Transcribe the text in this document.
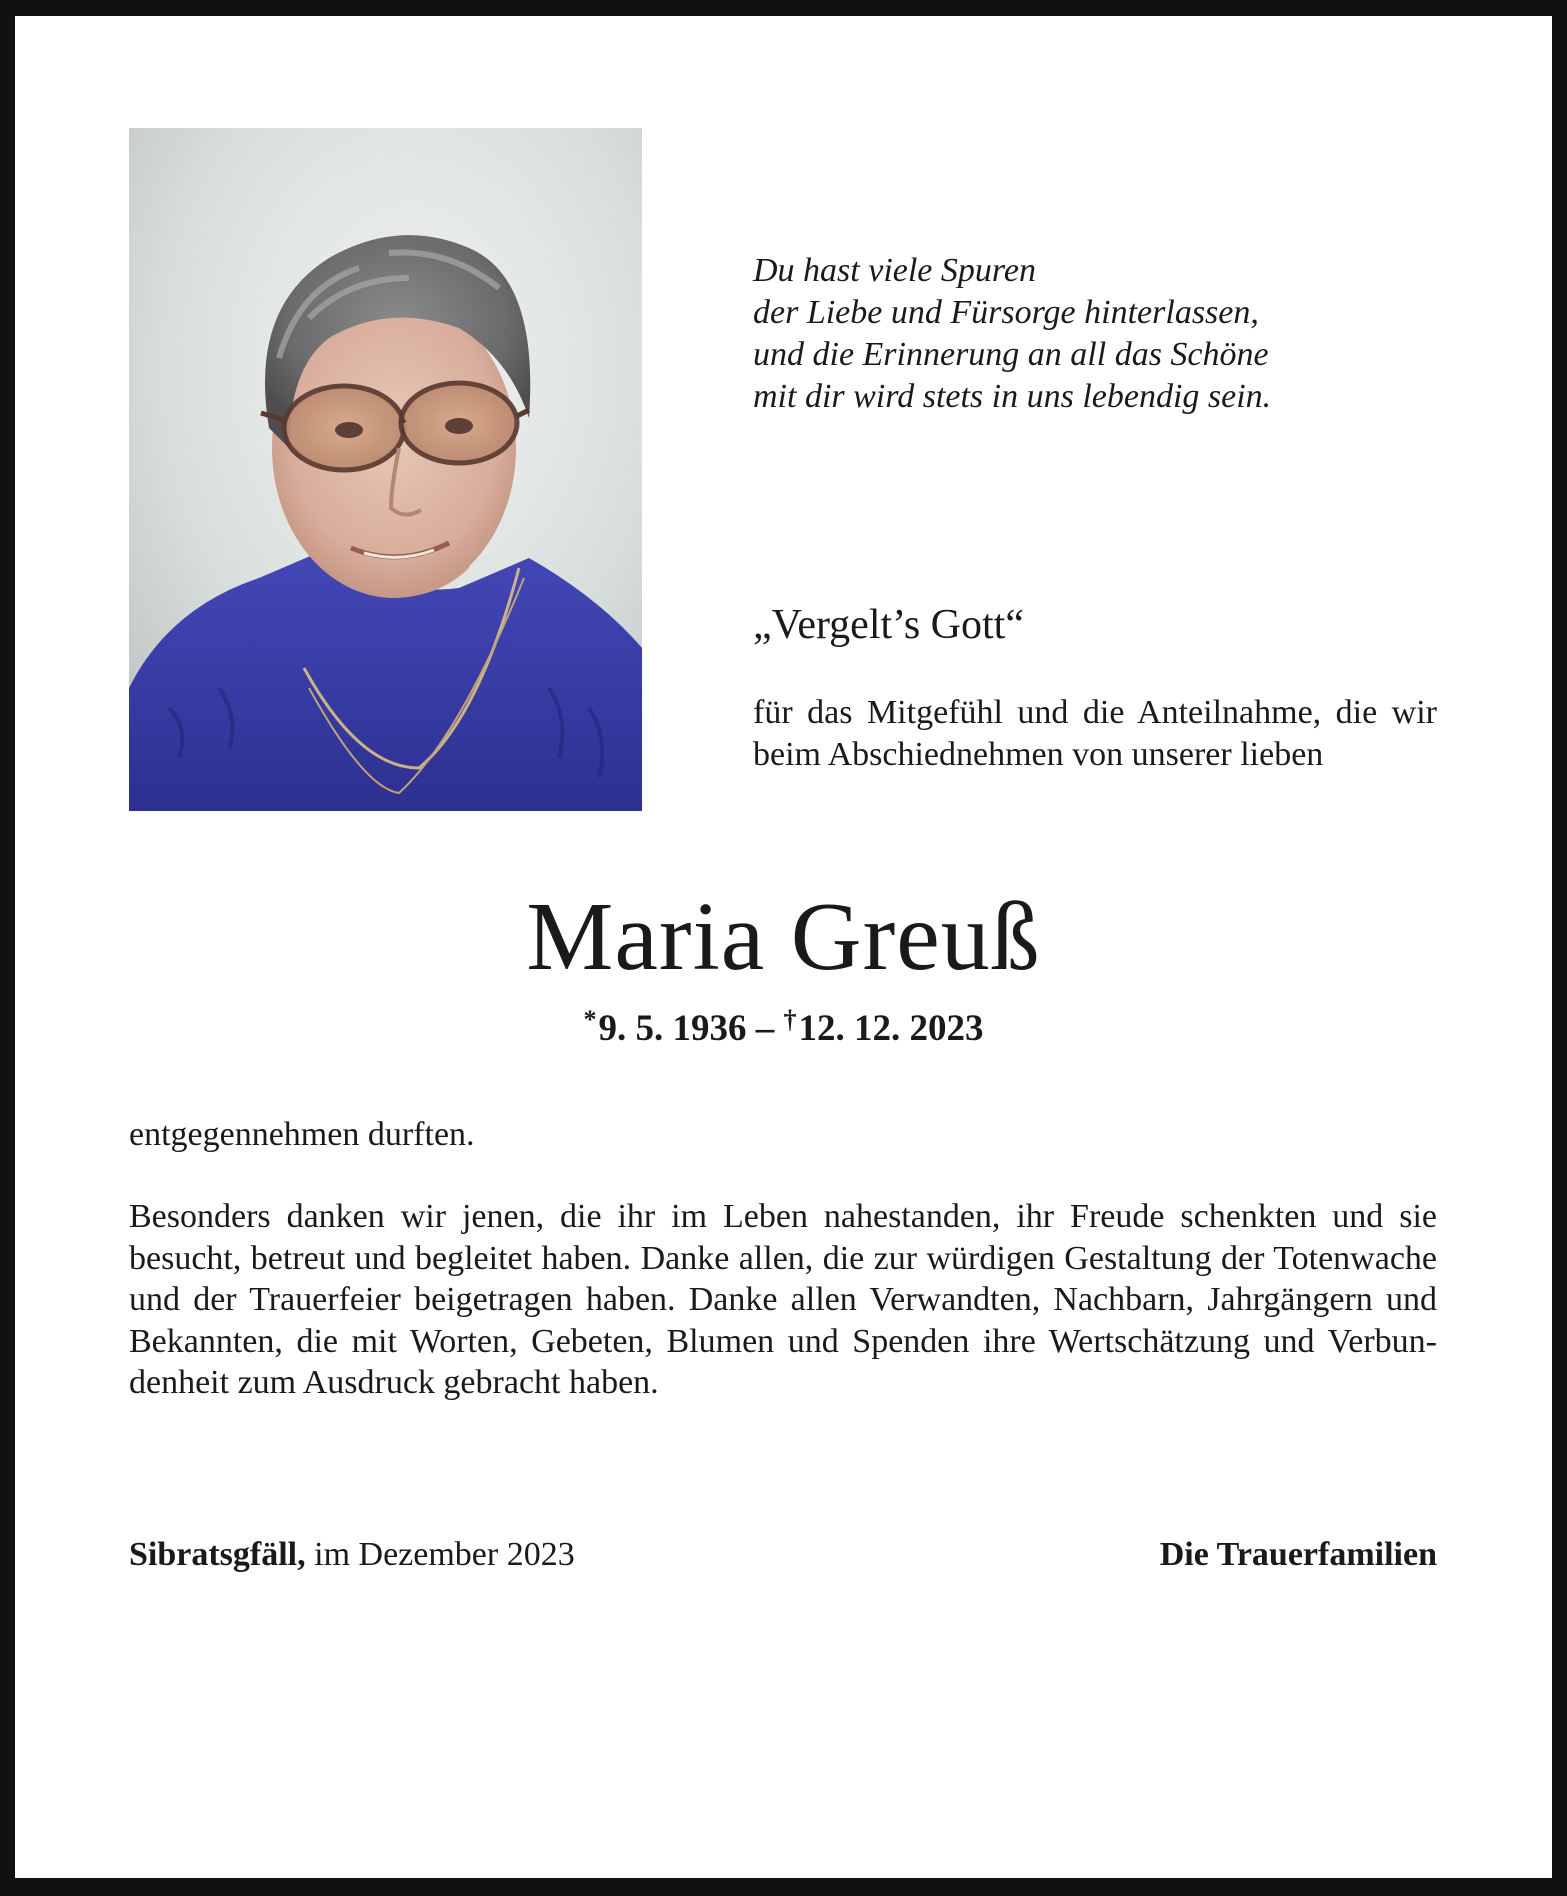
Du hast viele Spuren
der Liebe und Fürsorge hinterlassen,
und die Erinnerung an all das Schöne
mit dir wird stets in uns lebendig sein.
„Vergelt’s Gott“
für das Mitgefühl und die Anteilnahme, die wir beim Abschiednehmen von unserer lieben
Maria Greuß
*9. 5. 1936 – †12. 12. 2023
entgegennehmen durften.
Besonders danken wir jenen, die ihr im Leben nahestanden, ihr Freude schenkten und sie besucht, betreut und begleitet haben. Danke allen, die zur würdigen Gestaltung der Totenwache und der Trauerfeier beigetragen haben. Danke allen Verwandten, Nachbarn, Jahrgängern und Bekannten, die mit Worten, Gebeten, Blumen und Spenden ihre Wertschätzung und Verbundenheit zum Ausdruck gebracht haben.
Sibratsgfäll, im Dezember 2023	Die Trauerfamilien
